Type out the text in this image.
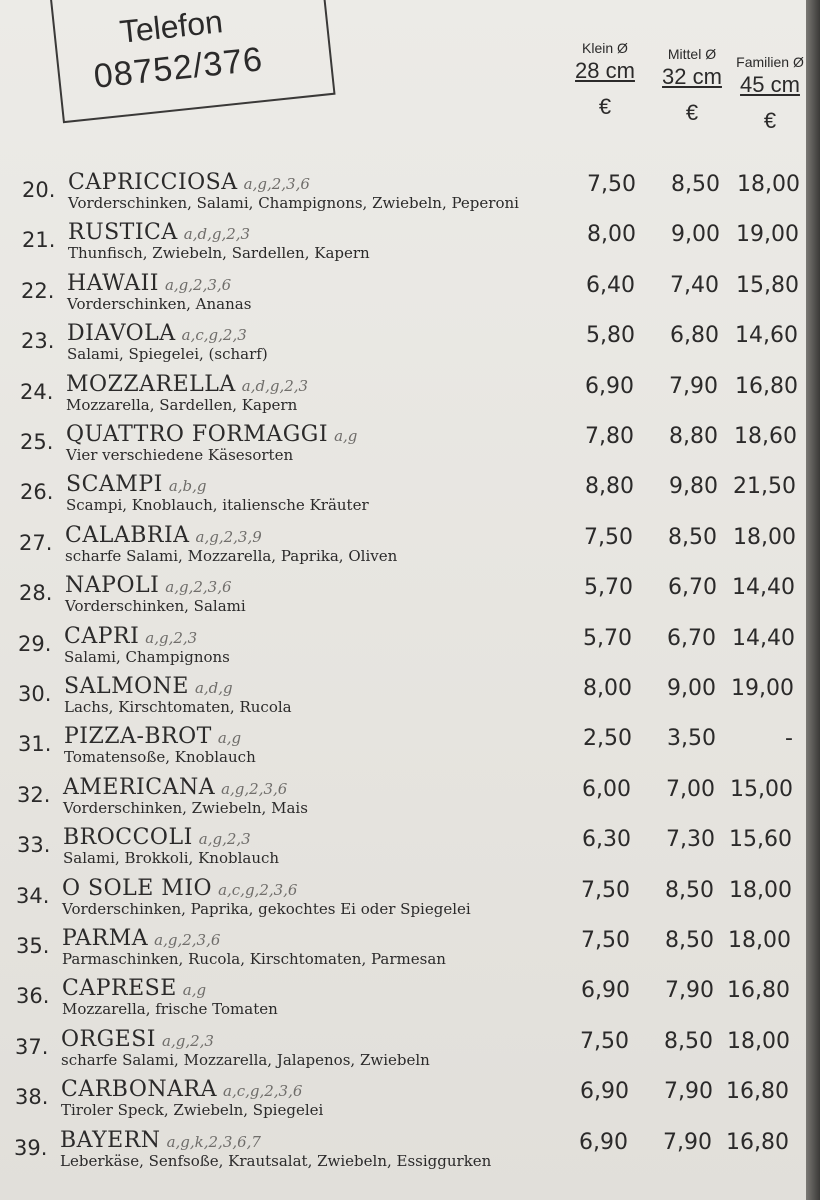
Telefon
08752/376	Klein Ø
28 cm
€
Mittel Ø
32 cm
€
Familien Ø
45 cm
€
20. CAPRICCIOSA a,g,2,3,6
Vorderschinken, Salami, Champignons, Zwiebeln, Peperoni
7,50	8,50 18,00
21. RUSTICA a,d,g,2,3
Thunfisch, Zwiebeln, Sardellen, Kapern
8,00	9,00 19,00
22. HAWAII a,g,2,3,6
Vorderschinken, Ananas
6,40	7,40 15,80
23. DIAVOLA a,c,g,2,3
Salami, Spiegelei, (scharf)
5,80	6,80 14,60
24. MOZZARELLA a,d,g,2,3
Mozzarella, Sardellen, Kapern
6,90	7,90 16,80
25. QUATTRO FORMAGGI a,g
Vier verschiedene Käsesorten
7,80	8,80 18,60
26. SCAMPI a,b,g
Scampi, Knoblauch, italiensche Kräuter
8,80	9,80 21,50
27. CALABRIA a,g,2,3,9
scharfe Salami, Mozzarella, Paprika, Oliven
7,50	8,50 18,00
28. NAPOLI a,g,2,3,6
Vorderschinken, Salami
5,70	6,70 14,40
29. CAPRI a,g,2,3
Salami, Champignons
5,70	6,70 14,40
30. SALMONE a,d,g
Lachs, Kirschtomaten, Rucola
8,00	9,00 19,00
31. PIZZA-BROT a,g
Tomatensoße, Knoblauch
2,50	3,50	-
32. AMERICANA a,g,2,3,6
Vorderschinken, Zwiebeln, Mais
6,00	7,00 15,00
33. BROCCOLI a,g,2,3
Salami, Brokkoli, Knoblauch
6,30	7,30 15,60
34. O SOLE MIO a,c,g,2,3,6
Vorderschinken, Paprika, gekochtes Ei oder Spiegelei
7,50	8,50 18,00
35. PARMA a,g,2,3,6
Parmaschinken, Rucola, Kirschtomaten, Parmesan
7,50	8,50 18,00
36. CAPRESE a,g
Mozzarella, frische Tomaten
6,90	7,90 16,80
37. ORGESI a,g,2,3
scharfe Salami, Mozzarella, Jalapenos, Zwiebeln
7,50	8,50 18,00
38. CARBONARA a,c,g,2,3,6
Tiroler Speck, Zwiebeln, Spiegelei
6,90	7,90 16,80
39. BAYERN a,g,k,2,3,6,7
Leberkäse, Senfsoße, Krautsalat, Zwiebeln, Essiggurken
6,90	7,90 16,80
